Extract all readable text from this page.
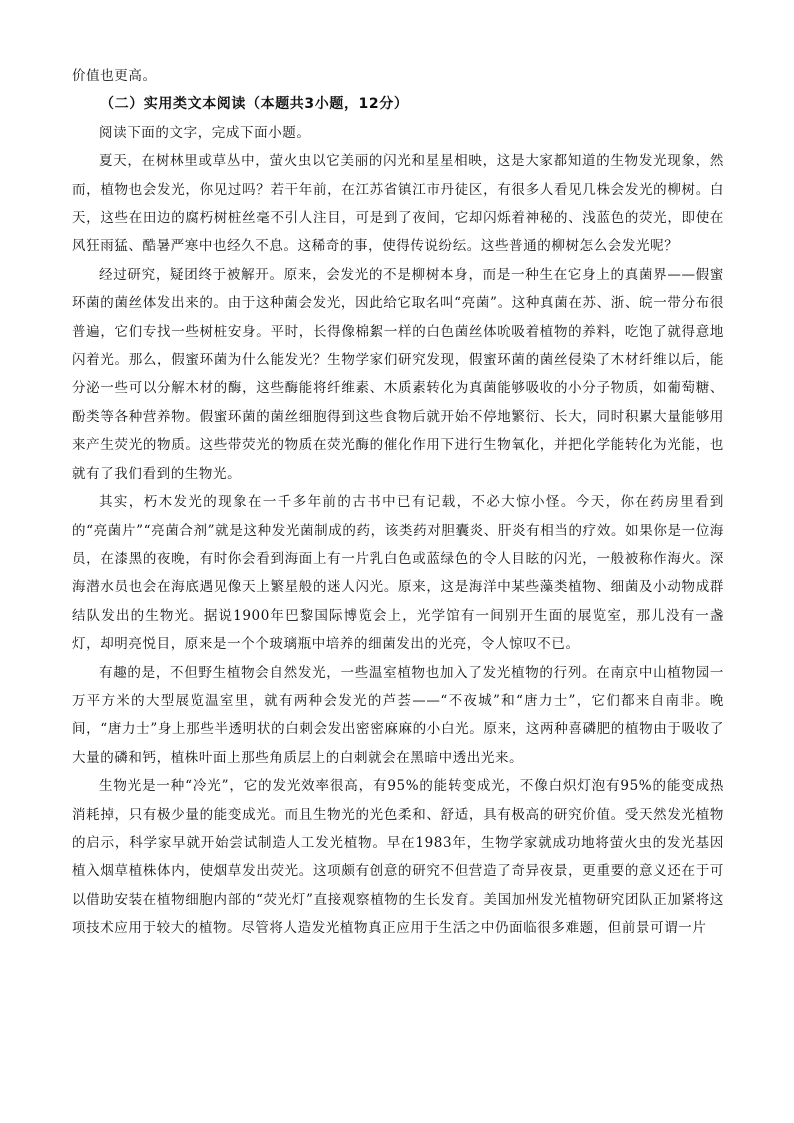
价值也更高。

（二）实用类文本阅读（本题共3小题，12分）

阅读下面的文字，完成下面小题。

夏天，在树林里或草丛中，萤火虫以它美丽的闪光和星星相映，这是大家都知道的生物发光现象，然而，植物也会发光，你见过吗？若干年前，在江苏省镇江市丹徒区，有很多人看见几株会发光的柳树。白天，这些在田边的腐朽树桩丝毫不引人注目，可是到了夜间，它却闪烁着神秘的、浅蓝色的荧光，即使在风狂雨猛、酷暑严寒中也经久不息。这稀奇的事，使得传说纷纭。这些普通的柳树怎么会发光呢？

经过研究，疑团终于被解开。原来，会发光的不是柳树本身，而是一种生在它身上的真菌界——假蜜环菌的菌丝体发出来的。由于这种菌会发光，因此给它取名叫“亮菌”。这种真菌在苏、浙、皖一带分布很普遍，它们专找一些树桩安身。平时，长得像棉絮一样的白色菌丝体吮吸着植物的养料，吃饱了就得意地闪着光。那么，假蜜环菌为什么能发光？生物学家们研究发现，假蜜环菌的菌丝侵染了木材纤维以后，能分泌一些可以分解木材的酶，这些酶能将纤维素、木质素转化为真菌能够吸收的小分子物质，如葡萄糖、酚类等各种营养物。假蜜环菌的菌丝细胞得到这些食物后就开始不停地繁衍、长大，同时积累大量能够用来产生荧光的物质。这些带荧光的物质在荧光酶的催化作用下进行生物氧化，并把化学能转化为光能，也就有了我们看到的生物光。

其实，朽木发光的现象在一千多年前的古书中已有记载，不必大惊小怪。今天，你在药房里看到的“亮菌片”“亮菌合剂”就是这种发光菌制成的药，该类药对胆囊炎、肝炎有相当的疗效。如果你是一位海员，在漆黑的夜晚，有时你会看到海面上有一片乳白色或蓝绿色的令人目眩的闪光，一般被称作海火。深海潜水员也会在海底遇见像天上繁星般的迷人闪光。原来，这是海洋中某些藻类植物、细菌及小动物成群结队发出的生物光。据说1900年巴黎国际博览会上，光学馆有一间别开生面的展览室，那儿没有一盏灯，却明亮悦目，原来是一个个玻璃瓶中培养的细菌发出的光亮，令人惊叹不已。

有趣的是，不但野生植物会自然发光，一些温室植物也加入了发光植物的行列。在南京中山植物园一万平方米的大型展览温室里，就有两种会发光的芦荟——“不夜城”和“唐力士”，它们都来自南非。晚间，“唐力士”身上那些半透明状的白刺会发出密密麻麻的小白光。原来，这两种喜磷肥的植物由于吸收了大量的磷和钙，植株叶面上那些角质层上的白刺就会在黑暗中透出光来。

生物光是一种“冷光”，它的发光效率很高，有95%的能转变成光，不像白炽灯泡有95%的能变成热消耗掉，只有极少量的能变成光。而且生物光的光色柔和、舒适，具有极高的研究价值。受天然发光植物的启示，科学家早就开始尝试制造人工发光植物。早在1983年，生物学家就成功地将萤火虫的发光基因植入烟草植株体内，使烟草发出荧光。这项颇有创意的研究不但营造了奇异夜景，更重要的意义还在于可以借助安装在植物细胞内部的“荧光灯”直接观察植物的生长发育。美国加州发光植物研究团队正加紧将这项技术应用于较大的植物。尽管将人造发光植物真正应用于生活之中仍面临很多难题，但前景可谓一片
